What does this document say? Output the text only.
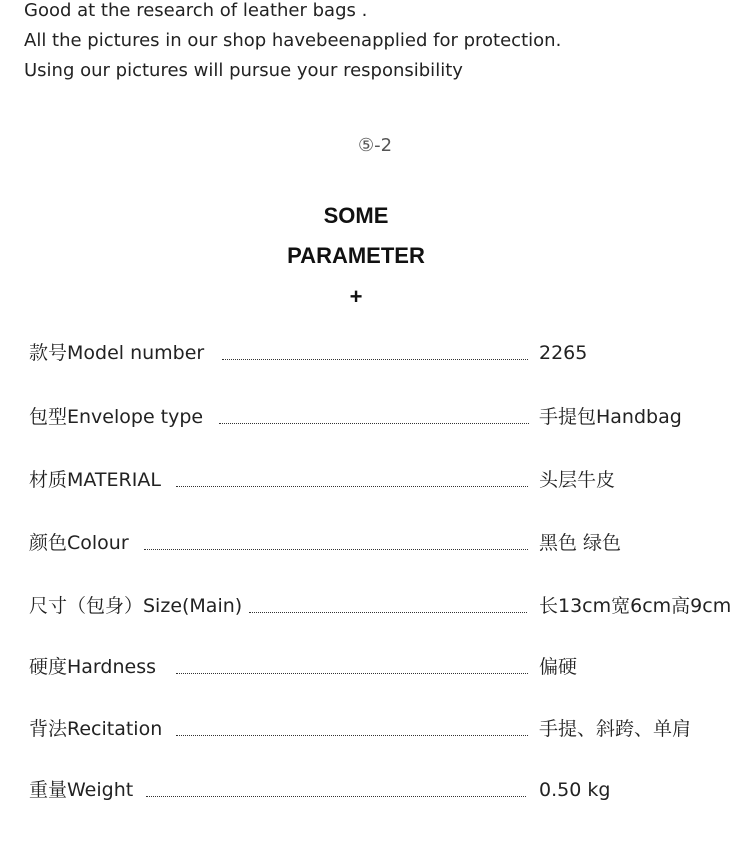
Good at the research of leather bags .
All the pictures in our shop havebeenapplied for protection.
Using our pictures will pursue your responsibility
⑤-2
SOME
PARAMETER
+
款号Model number	2265
包型Envelope type	手提包Handbag
材质MATERIAL	头层牛皮
颜色Colour	黑色 绿色
尺寸（包身）Size(Main)	长13cm宽6cm高9cm
硬度Hardness	偏硬
背法Recitation	手提、斜跨、单肩
重量Weight	0.50 kg
